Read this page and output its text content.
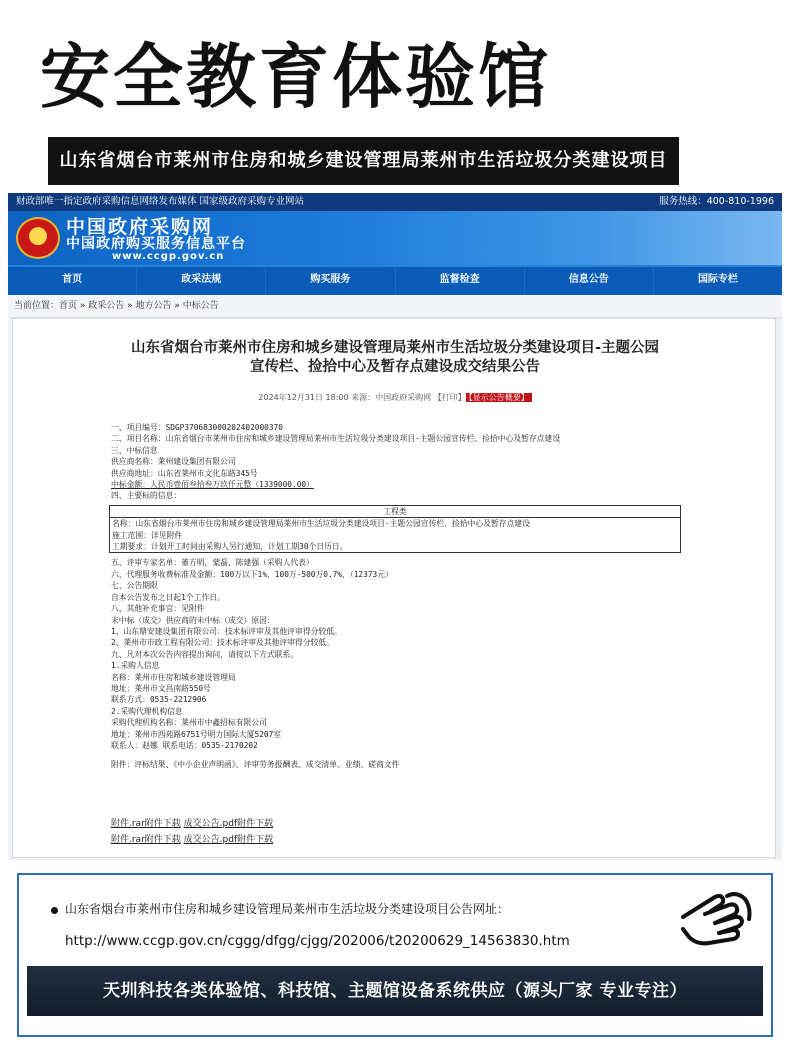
安全教育体验馆
山东省烟台市莱州市住房和城乡建设管理局莱州市生活垃圾分类建设项目
财政部唯一指定政府采购信息网络发布媒体 国家级政府采购专业网站	服务热线：400-810-1996
★ 中国政府采购网
中国政府购买服务信息平台
www.ccgp.gov.cn
首页	政采法规	购买服务	监督检查	信息公告	国际专栏
当前位置：首页 » 政采公告 » 地方公告 » 中标公告
山东省烟台市莱州市住房和城乡建设管理局莱州市生活垃圾分类建设项目-主题公园
宣传栏、捡拾中心及暂存点建设成交结果公告
2024年12月31日 18:00 来源：中国政府采购网 【打印】 【显示公告概要】
一、项目编号：SDGP370683000202402000370
二、项目名称：山东省烟台市莱州市住房和城乡建设管理局莱州市生活垃圾分类建设项目-主题公园宣传栏、捡拾中心及暂存点建设
三、中标信息
供应商名称：莱州建设集团有限公司
供应商地址：山东省莱州市文化东路345号
中标金额：人民币壹佰叁拾叁万玖仟元整（1339000.00）
四、主要标的信息：
工程类
名称：山东省烟台市莱州市住房和城乡建设管理局莱州市生活垃圾分类建设项目-主题公园宣传栏、捡拾中心及暂存点建设
施工范围：详见附件
工期要求：计划开工时间由采购人另行通知，计划工期30个日历日。
五、评审专家名单：董方明，蒙磊，陈建强（采购人代表）
六、代理服务收费标准及金额：100万以下1%，100万-500万0.7%，（12373元）
七、公告期限
自本公告发布之日起1个工作日。
八、其他补充事宜：见附件
未中标（成交）供应商的未中标（成交）原因：
1、山东鼎安建设集团有限公司：技术标评审及其他评审得分较低。
2、莱州市市政工程有限公司：技术标评审及其他评审得分较低。
九、凡对本次公告内容提出询问，请按以下方式联系。
1.采购人信息
名称：莱州市住房和城乡建设管理局
地址：莱州市文昌南路550号
联系方式：0535-2212906
2.采购代理机构信息
采购代理机构名称：莱州市中鑫招标有限公司
地址：莱州市西苑路6751号明力国际大厦5207室
联系人：赵娜 联系电话：0535-2170202
附件：评标结果、《中小企业声明函》、评审劳务报酬表、成交清单、业绩、磋商文件
附件.rar附件下载 成交公告.pdf附件下载
附件.rar附件下载 成交公告.pdf附件下载
山东省烟台市莱州市住房和城乡建设管理局莱州市生活垃圾分类建设项目公告网址：
http://www.ccgp.gov.cn/cggg/dfgg/cjgg/202006/t20200629_14563830.htm
天圳科技各类体验馆、科技馆、主题馆设备系统供应（源头厂家 专业专注）
